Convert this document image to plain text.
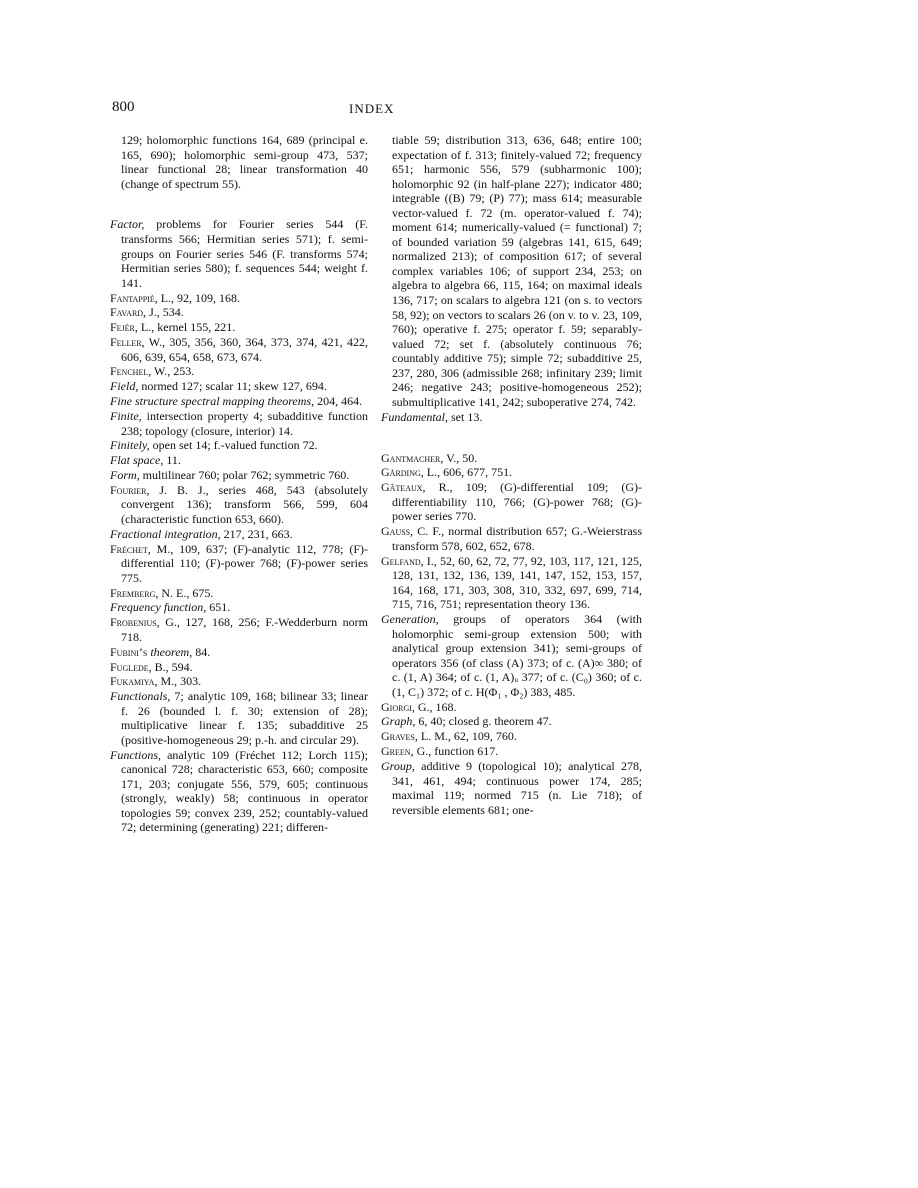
800	INDEX

129; holomorphic functions 164, 689 (principal e. 165, 690); holomorphic semi-group 473, 537; linear functional 28; linear transformation 40 (change of spectrum 55).

Factor, problems for Fourier series 544 (F. transforms 566; Hermitian series 571); f. semi-groups on Fourier series 546 (F. transforms 574; Hermitian series 580); f. sequences 544; weight f. 141.

Fantappiè, L., 92, 109, 168.

Favard, J., 534.

Fejér, L., kernel 155, 221.

Feller, W., 305, 356, 360, 364, 373, 374, 421, 422, 606, 639, 654, 658, 673, 674.

Fenchel, W., 253.

Field, normed 127; scalar 11; skew 127, 694.

Fine structure spectral mapping theorems, 204, 464.

Finite, intersection property 4; subadditive function 238; topology (closure, interior) 14.

Finitely, open set 14; f.-valued function 72.

Flat space, 11.

Form, multilinear 760; polar 762; symmetric 760.

Fourier, J. B. J., series 468, 543 (absolutely convergent 136); transform 566, 599, 604 (characteristic function 653, 660).

Fractional integration, 217, 231, 663.

Fréchet, M., 109, 637; (F)-analytic 112, 778; (F)-differential 110; (F)-power 768; (F)-power series 775.

Fremberg, N. E., 675.

Frequency function, 651.

Frobenius, G., 127, 168, 256; F.-Wedderburn norm 718.

Fubini’s theorem, 84.

Fuglede, B., 594.

Fukamiya, M., 303.

Functionals, 7; analytic 109, 168; bilinear 33; linear f. 26 (bounded l. f. 30; extension of 28); multiplicative linear f. 135; subadditive 25 (positive-homogeneous 29; p.-h. and circular 29).

Functions, analytic 109 (Fréchet 112; Lorch 115); canonical 728; characteristic 653, 660; composite 171, 203; conjugate 556, 579, 605; continuous (strongly, weakly) 58; continuous in operator topologies 59; convex 239, 252; countably-valued 72; determining (generating) 221; differen-

tiable 59; distribution 313, 636, 648; entire 100; expectation of f. 313; finitely-valued 72; frequency 651; harmonic 556, 579 (subharmonic 100); holomorphic 92 (in half-plane 227); indicator 480; integrable ((B) 79; (P) 77); mass 614; measurable vector-valued f. 72 (m. operator-valued f. 74); moment 614; numerically-valued (= functional) 7; of bounded variation 59 (algebras 141, 615, 649; normalized 213); of composition 617; of several complex variables 106; of support 234, 253; on algebra to algebra 66, 115, 164; on maximal ideals 136, 717; on scalars to algebra 121 (on s. to vectors 58, 92); on vectors to scalars 26 (on v. to v. 23, 109, 760); operative f. 275; operator f. 59; separably-valued 72; set f. (absolutely continuous 76; countably additive 75); simple 72; subadditive 25, 237, 280, 306 (admissible 268; infinitary 239; limit 246; negative 243; positive-homogeneous 252); submultiplicative 141, 242; suboperative 274, 742.

Fundamental, set 13.

Gantmacher, V., 50.

Gårding, L., 606, 677, 751.

Gâteaux, R., 109; (G)-differential 109; (G)-differentiability 110, 766; (G)-power 768; (G)-power series 770.

Gauss, C. F., normal distribution 657; G.-Weierstrass transform 578, 602, 652, 678.

Gelfand, I., 52, 60, 62, 72, 77, 92, 103, 117, 121, 125, 128, 131, 132, 136, 139, 141, 147, 152, 153, 157, 164, 168, 171, 303, 308, 310, 332, 697, 699, 714, 715, 716, 751; representation theory 136.

Generation, groups of operators 364 (with holomorphic semi-group extension 500; with analytical group extension 341); semi-groups of operators 356 (of class (A) 373; of c. (A)∞ 380; of c. (1, A) 364; of c. (1, A)ᵤ 377; of c. (C₀) 360; of c. (1, C₁) 372; of c. H(Φ₁ , Φ₂) 383, 485.

Giorgi, G., 168.

Graph, 6, 40; closed g. theorem 47.

Graves, L. M., 62, 109, 760.

Green, G., function 617.

Group, additive 9 (topological 10); analytical 278, 341, 461, 494; continuous power 174, 285; maximal 119; normed 715 (n. Lie 718); of reversible elements 681; one-
